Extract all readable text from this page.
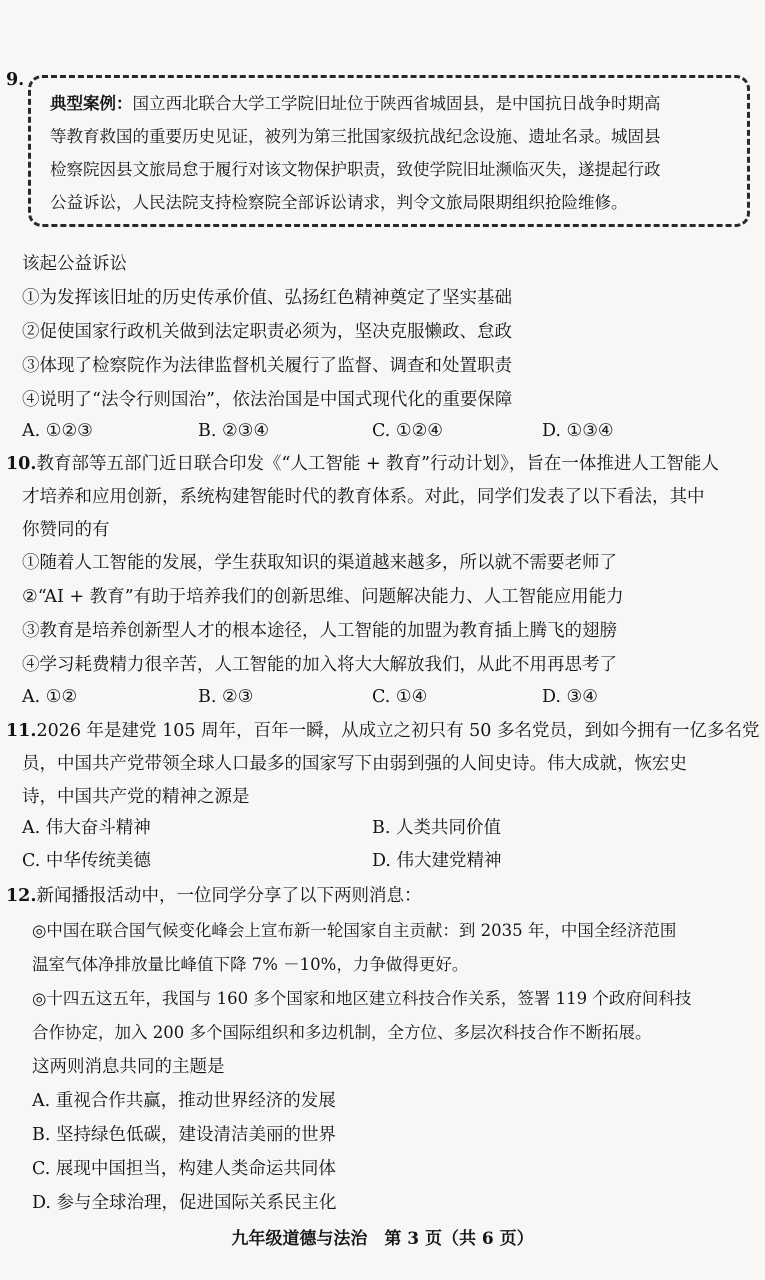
9.
典型案例：国立西北联合大学工学院旧址位于陕西省城固县，是中国抗日战争时期高
等教育救国的重要历史见证，被列为第三批国家级抗战纪念设施、遗址名录。城固县
检察院因县文旅局怠于履行对该文物保护职责，致使学院旧址濒临灭失，遂提起行政
公益诉讼，人民法院支持检察院全部诉讼请求，判令文旅局限期组织抢险维修。
该起公益诉讼
①为发挥该旧址的历史传承价值、弘扬红色精神奠定了坚实基础
②促使国家行政机关做到法定职责必须为，坚决克服懒政、怠政
③体现了检察院作为法律监督机关履行了监督、调查和处置职责
④说明了“法令行则国治”，依法治国是中国式现代化的重要保障
A. ①②③	B. ②③④	C. ①②④	D. ①③④
10.教育部等五部门近日联合印发《“人工智能 + 教育”行动计划》，旨在一体推进人工智能人
才培养和应用创新，系统构建智能时代的教育体系。对此，同学们发表了以下看法，其中
你赞同的有
①随着人工智能的发展，学生获取知识的渠道越来越多，所以就不需要老师了
②“AI + 教育”有助于培养我们的创新思维、问题解决能力、人工智能应用能力
③教育是培养创新型人才的根本途径，人工智能的加盟为教育插上腾飞的翅膀
④学习耗费精力很辛苦，人工智能的加入将大大解放我们，从此不用再思考了
A. ①②	B. ②③	C. ①④	D. ③④
11.2026 年是建党 105 周年，百年一瞬，从成立之初只有 50 多名党员，到如今拥有一亿多名党
员，中国共产党带领全球人口最多的国家写下由弱到强的人间史诗。伟大成就，恢宏史
诗，中国共产党的精神之源是
A. 伟大奋斗精神	B. 人类共同价值
C. 中华传统美德	D. 伟大建党精神
12.新闻播报活动中，一位同学分享了以下两则消息：
◎中国在联合国气候变化峰会上宣布新一轮国家自主贡献：到 2035 年，中国全经济范围
温室气体净排放量比峰值下降 7% －10%，力争做得更好。
◎十四五这五年，我国与 160 多个国家和地区建立科技合作关系，签署 119 个政府间科技
合作协定，加入 200 多个国际组织和多边机制，全方位、多层次科技合作不断拓展。
这两则消息共同的主题是
A. 重视合作共赢，推动世界经济的发展
B. 坚持绿色低碳，建设清洁美丽的世界
C. 展现中国担当，构建人类命运共同体
D. 参与全球治理，促进国际关系民主化
九年级道德与法治　第 3 页（共 6 页）
